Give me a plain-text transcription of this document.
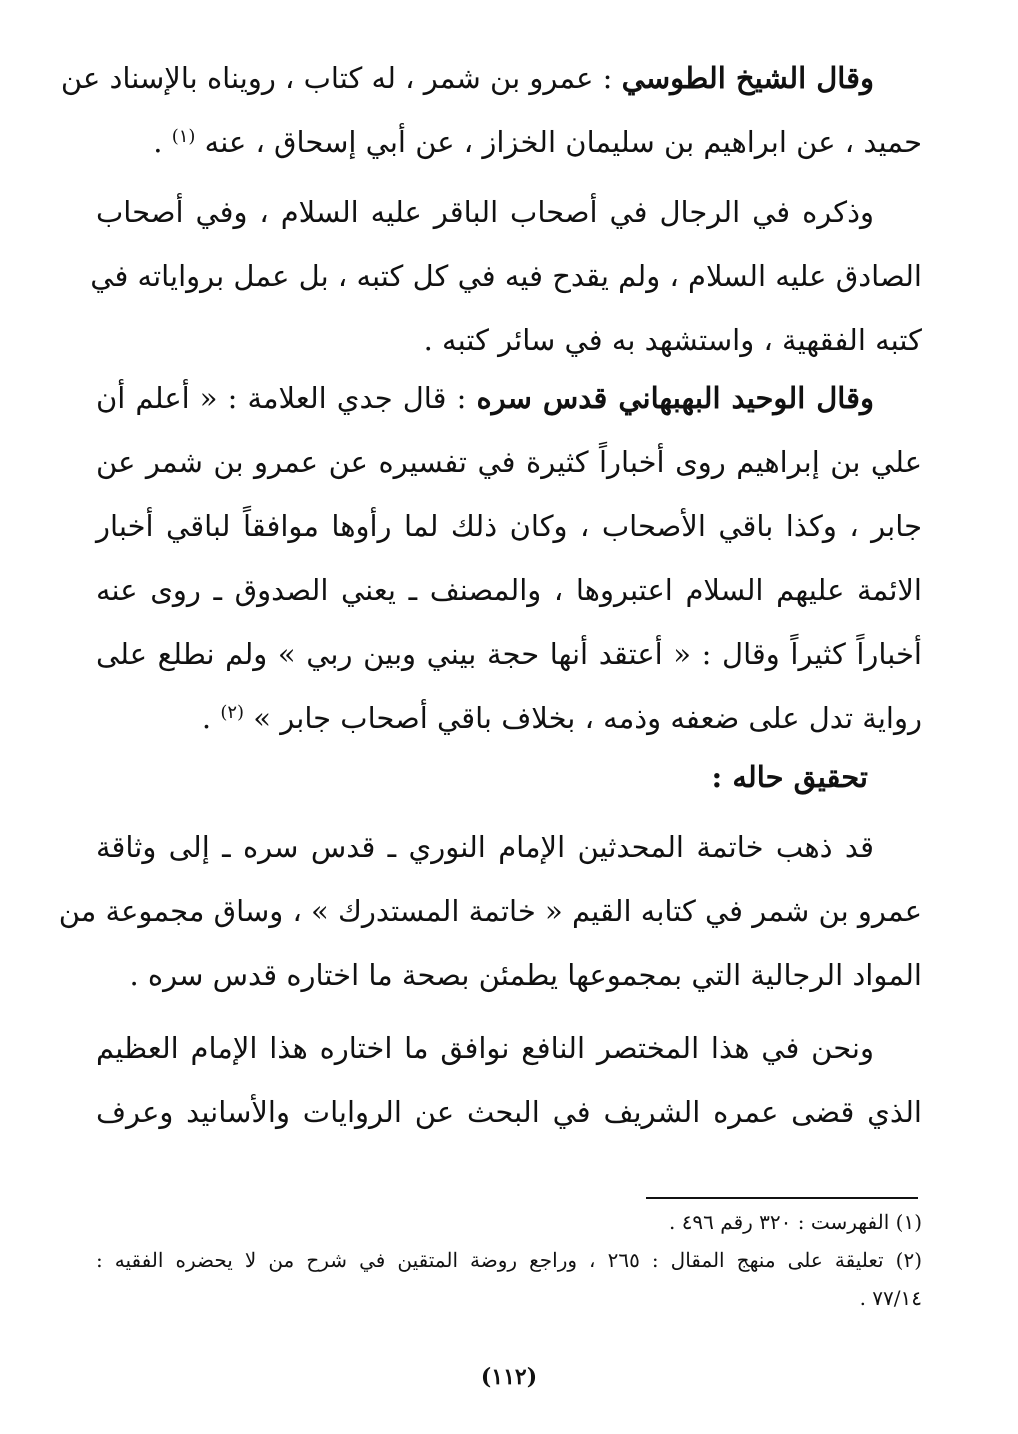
وقال الشيخ الطوسي : عمرو بن شمر ، له كتاب ، رويناه بالإسناد عن
حميد ، عن ابراهيم بن سليمان الخزاز ، عن أبي إسحاق ، عنه $^{(١)}$ .
وذكره في الرجال في أصحاب الباقر عليه السلام ، وفي أصحاب
الصادق عليه السلام ، ولم يقدح فيه في كل كتبه ، بل عمل برواياته في
كتبه الفقهية ، واستشهد به في سائر كتبه .
وقال الوحيد البهبهاني قدس سره : قال جدي العلامة : « أعلم أن
علي بن إبراهيم روى أخباراً كثيرة في تفسيره عن عمرو بن شمر عن
جابر ، وكذا باقي الأصحاب ، وكان ذلك لما رأوها موافقاً لباقي أخبار
الائمة عليهم السلام اعتبروها ، والمصنف ـ يعني الصدوق ـ روى عنه
أخباراً كثيراً وقال : « أعتقد أنها حجة بيني وبين ربي » ولم نطلع على
رواية تدل على ضعفه وذمه ، بخلاف باقي أصحاب جابر » $^{(٢)}$ .
تحقيق حاله :
قد ذهب خاتمة المحدثين الإمام النوري ـ قدس سره ـ إلى وثاقة
عمرو بن شمر في كتابه القيم « خاتمة المستدرك » ، وساق مجموعة من
المواد الرجالية التي بمجموعها يطمئن بصحة ما اختاره قدس سره .
ونحن في هذا المختصر النافع نوافق ما اختاره هذا الإمام العظيم
الذي قضى عمره الشريف في البحث عن الروايات والأسانيد وعرف
(١) الفهرست : ٣٢٠ رقم ٤٩٦ .
(٢) تعليقة على منهج المقال : ٢٦٥ ، وراجع روضة المتقين في شرح من لا يحضره الفقيه :
٧٧/١٤ .
(١١٢)
